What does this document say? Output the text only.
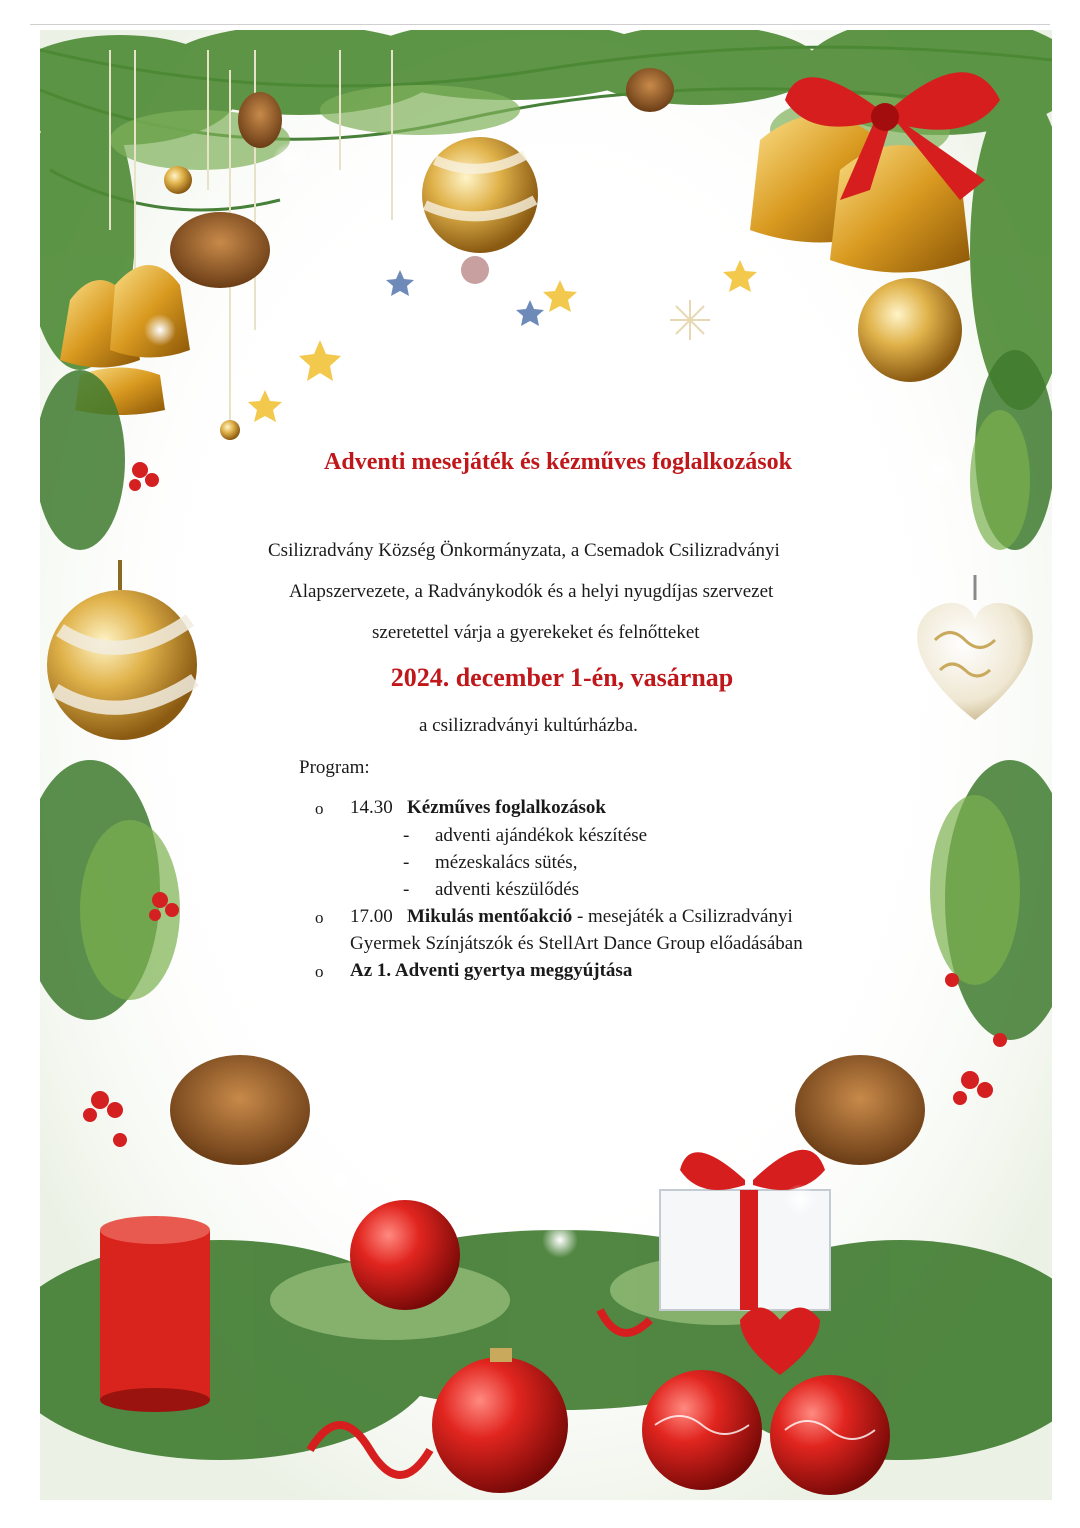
Adventi mesejáték és kézműves foglalkozások
Csilizradvány Község Önkormányzata, a Csemadok Csilizradványi
Alapszervezete, a Radványkodók és a helyi nyugdíjas szervezet
szeretettel várja a gyerekeket és felnőtteket
2024. december 1-én, vasárnap
a csilizradványi kultúrházba.
Program:
o 14.30 Kézműves foglalkozások
- adventi ajándékok készítése
- mézeskalács sütés,
- adventi készülődés
o 17.00 Mikulás mentőakció - mesejáték a Csilizradványi
Gyermek Színjátszók és StellArt Dance Group előadásában
o Az 1. Adventi gyertya meggyújtása
